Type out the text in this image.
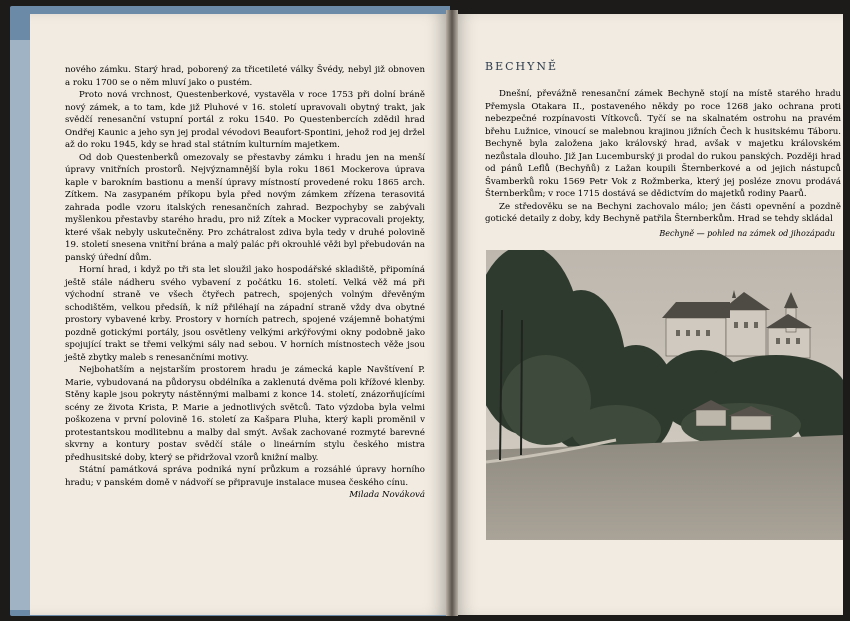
nového zámku. Starý hrad, poborený za třicetileté války Švédy, nebyl již obnoven a roku 1700 se o něm mluví jako o pustém.

Proto nová vrchnost, Questenberkové, vystavěla v roce 1753 při dolní bráně nový zámek, a to tam, kde již Pluhové v 16. století upravovali obytný trakt, jak svědčí renesanční vstupní portál z roku 1540. Po Questenbercích zdědil hrad Ondřej Kaunic a jeho syn jej prodal vévodovi Beaufort-Spontini, jehož rod jej držel až do roku 1945, kdy se hrad stal státním kulturním majetkem.

Od dob Questenberků omezovaly se přestavby zámku i hradu jen na menší úpravy vnitřních prostorů. Nejvýznamnější byla roku 1861 Mockerova úprava kaple v barokním bastionu a menší úpravy místností provedené roku 1865 arch. Zítkem. Na zasypaném příkopu byla před novým zámkem zřízena terasovitá zahrada podle vzoru italských renesančních zahrad. Bezpochyby se zabývali myšlenkou přestavby starého hradu, pro niž Zítek a Mocker vypracovali projekty, které však nebyly uskutečněny. Pro zchátralost zdiva byla tedy v druhé polovině 19. století snesena vnitřní brána a malý palác při okrouhlé věži byl přebudován na panský úřední dům.

Horní hrad, i když po tři sta let sloužil jako hospodářské skladiště, připomíná ještě stále nádheru svého vybavení z počátku 16. století. Velká věž má při východní straně ve všech čtyřech patrech, spojených volným dřevěným schodištěm, velkou předsíň, k níž přiléhají na západní straně vždy dva obytné prostory vybavené krby. Prostory v horních patrech, spojené vzájemně bohatými pozdně gotickými portály, jsou osvětleny velkými arkýřovými okny podobně jako spojující trakt se třemi velkými sály nad sebou. V horních místnostech věže jsou ještě zbytky maleb s renesančními motivy.

Nejbohatším a nejstarším prostorem hradu je zámecká kaple Navštívení P. Marie, vybudovaná na půdorysu obdélníka a zaklenutá dvěma poli křížové klenby. Stěny kaple jsou pokryty nástěnnými malbami z konce 14. století, znázorňujícími scény ze života Krista, P. Marie a jednotlivých světců. Tato výzdoba byla velmi poškozena v první polovině 16. století za Kašpara Pluha, který kapli proměnil v protestantskou modlitebnu a malby dal smýt. Avšak zachované rozmyté barevné skvrny a kontury postav svědčí stále o lineárním stylu českého mistra předhusitské doby, který se přidržoval vzorů knižní malby.

Státní památková správa podniká nyní průzkum a rozsáhlé úpravy horního hradu; v panském domě v nádvoří se připravuje instalace musea českého cínu.

Milada Nováková
BECHYNĚ

Dnešní, převážně renesanční zámek Bechyně stojí na místě starého hradu Přemysla Otakara II., postaveného někdy po roce 1268 jako ochrana proti nebezpečné rozpínavosti Vítkovců. Tyčí se na skalnatém ostrohu na pravém břehu Lužnice, vinoucí se malebnou krajinou jižních Čech k husitskému Táboru. Bechyně byla založena jako královský hrad, avšak v majetku královském nezůstala dlouho. Již Jan Lucemburský ji prodal do rukou panských. Později hrad od pánů Leflů (Bechyňů) z Lažan koupili Šternberkové a od jejich nástupců Švamberků roku 1569 Petr Vok z Rožmberka, který jej posléze znovu prodává Šternberkům; v roce 1715 dostává se dědictvím do majetků rodiny Paarů.

Ze středověku se na Bechyni zachovalo málo; jen části opevnění a pozdně gotické detaily z doby, kdy Bechyně patřila Šternberkům. Hrad se tehdy skládal

Bechyně — pohled na zámek od jihozápadu
